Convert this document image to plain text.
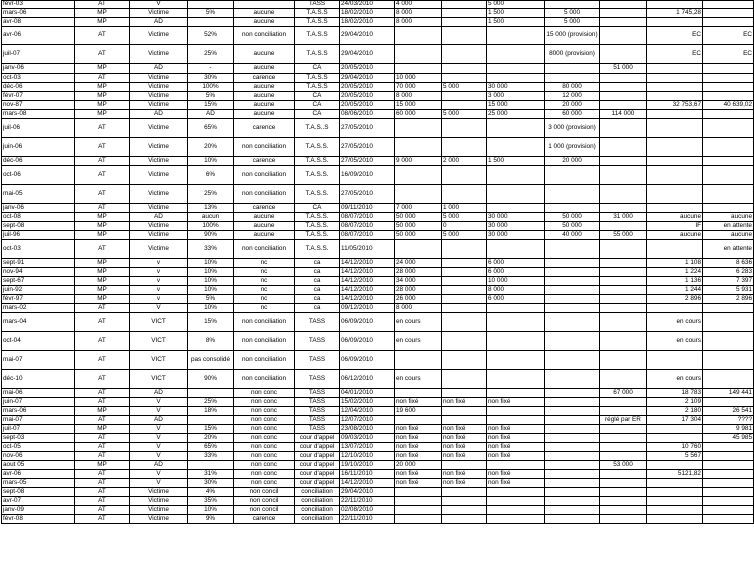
févr-03	AT	V			TASS	24/03/2010	4 000		5 000				
mars-06	MP	Victime	5%	aucune	T.A.S.S	18/02/2010	8 000		1 500	5 000		1 745,28	
avr-08	MP	AD		aucune	T.A.S.S	18/02/2010	8 000		1 500	5 000			
avr-06	AT	Victime	52%	non conciliation	T.A.S.S	29/04/2010				15 000 (provision)		EC	EC
juil-07	AT	Victime	25%	aucune	T.A.S.S	29/04/2010				8000 (provision)		EC	EC
janv-06	MP	AD	-	aucune	CA	20/05/2010					51 000		
oct-03	AT	Victime	30%	carence	T.A.S.S	29/04/2010	10 000						
déc-06	MP	Victime	100%	aucune	T.A.S.S	20/05/2010	70 000	5 000	30 000	80 000			
févr-07	MP	Victime	5%	aucune	CA	20/05/2010	8 000		3 000	12 000			
nov-87	MP	Victime	15%	aucune	CA	20/05/2010	15 000		15 000	20 000		32 753,67	40 639,02
mars-08	MP	AD	AD	aucune	CA	08/06/2010	60 000	5 000	25 000	60 000	114 000		
juil-06	AT	Victime	65%	carence	T.A.S..S	27/05/2010				3 000 (provision)			
juin-06	AT	Victime	20%	non conciliation	T.A.S.S.	27/05/2010				1 000 (provision)			
déc-06	AT	Victime	10%	carence	T.A.S.S.	27/05/2010	9 000	2 000	1 500	20 000			
oct-06	AT	Victime	6%	non conciliation	T.A.S.S.	16/09/2010							
mai-05	AT	Victime	25%	non conciliation	T.A.S.S.	27/05/2010							
janv-06	AT	Victime	13%	carence	CA	09/11/2010	7 000	1 000					
oct-08	MP	AD	aucun	aucune	T.A.S.S.	08/07/2010	50 000	5 000	30 000	50 000	31 000	aucune	aucune
sept-08	MP	Victime	100%	aucune	T.A.S.S.	08/07/2010	50 000	0	30 000	50 000		IF	en attente
juil-96	MP	Victime	90%	aucune	T.A.S.S.	08/07/2010	50 000	5 000	30 000	40 000	55 000	aucune	aucune
oct-03	AT	Victime	33%	non conciliation	T.A.S.S.	11/05/2010							en attente
sept-91	MP	v	10%	nc	ca	14/12/2010	24 000		6 000			1 108	8 636
nov-94	MP	v	10%	nc	ca	14/12/2010	28 000		6 000			1 224	6 283
sept-67	MP	v	10%	nc	ca	14/12/2010	34 000		10 000			1 136	7 397
juin-92	MP	v	10%	nc	ca	14/12/2010	28 000		8 000			1 244	5 931
févr-97	MP	v	5%	nc	ca	14/12/2010	26 000		6 000			2 896	2 896
mars-02	AT	V	10%	nc	ca	09/12/2010	8 000						
mars-04	AT	VICT	15%	non conciliation	TASS	06/09/2010	en cours					en cours	
oct-04	AT	VICT	8%	non conciliation	TASS	06/09/2010	en cours					en cours	
mai-07	AT	VICT	pas consolidé	non conciliation	TASS	06/09/2010							
déc-10	AT	VICT	90%	non conciliation	TASS	06/12/2010	en cours					en cours	
mai-06	AT	AD		non conc	TASS	04/01/2010					67 000	18 783	149 441
juin-07	AT	V	25%	non conc	TASS	15/02/2010	non fixé	non fixé	non fixé			2 109	
mars-06	MP	V	18%	non conc	TASS	12/04/2010	19 600					2 180	26 541
mai-07	AT	AD		non conc	TASS	12/07/2010					réglé par ER	17 304	????
juil-07	MP	V	15%	non conc	TASS	23/08/2010	non fixé	non fixé	non fixé				9 981
sept-03	AT	V	20%	non conc	cour d'appel	09/03/2010	non fixé	non fixé	non fixé				45 985
oct-05	AT	V	65%	non conc	cour d'appel	13/07/2010	non fixé	non fixé	non fixé			10 760	
nov-06	AT	V	33%	non conc	cour d'appel	12/10/2010	non fixé	non fixé	non fixé			5 567	
aout 05	MP	AD		non conc	cour d'appel	19/10/2010	20 000				53 000		
avr-06	AT	V	31%	non conc	cour d'appel	16/11/2010	non fixé	non fixé	non fixé			5121,82	
mars-05	AT	V	30%	non conc	cour d'appel	14/12/2010	non fixé	non fixé	non fixé				
sept-08	AT	Victime	4%	non concil	conciliation	29/04/2010							
avr-07	AT	Victime	35%	non concil	conciliation	22/11/2010							
janv-09	AT	Victime	10%	non concil	conciliation	02/08/2010							
févr-08	AT	Victime	9%	carence	conciliation	22/11/2010							
